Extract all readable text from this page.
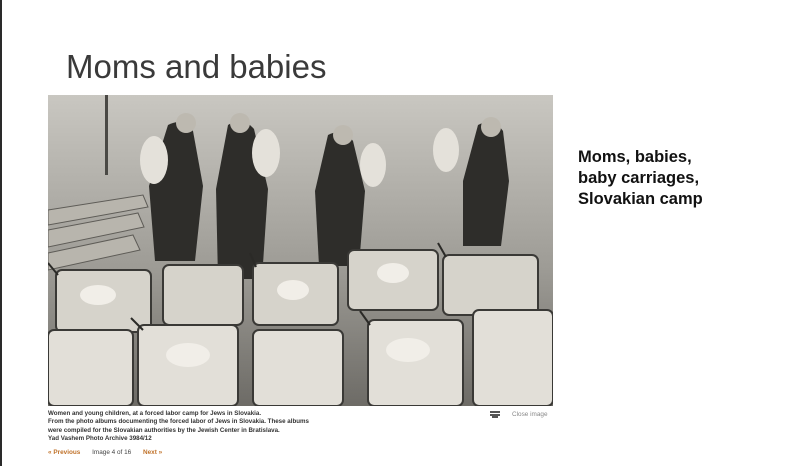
Moms and babies
Moms, babies, baby carriages, Slovakian camp
Women and young children, at a forced labor camp for Jews in Slovakia.
From the photo albums documenting the forced labor of Jews in Slovakia. These albums
were compiled for the Slovakian authorities by the Jewish Center in Bratislava.
Yad Vashem Photo Archive 3984/12
« Previous Image 4 of 16 Next »
Close image
